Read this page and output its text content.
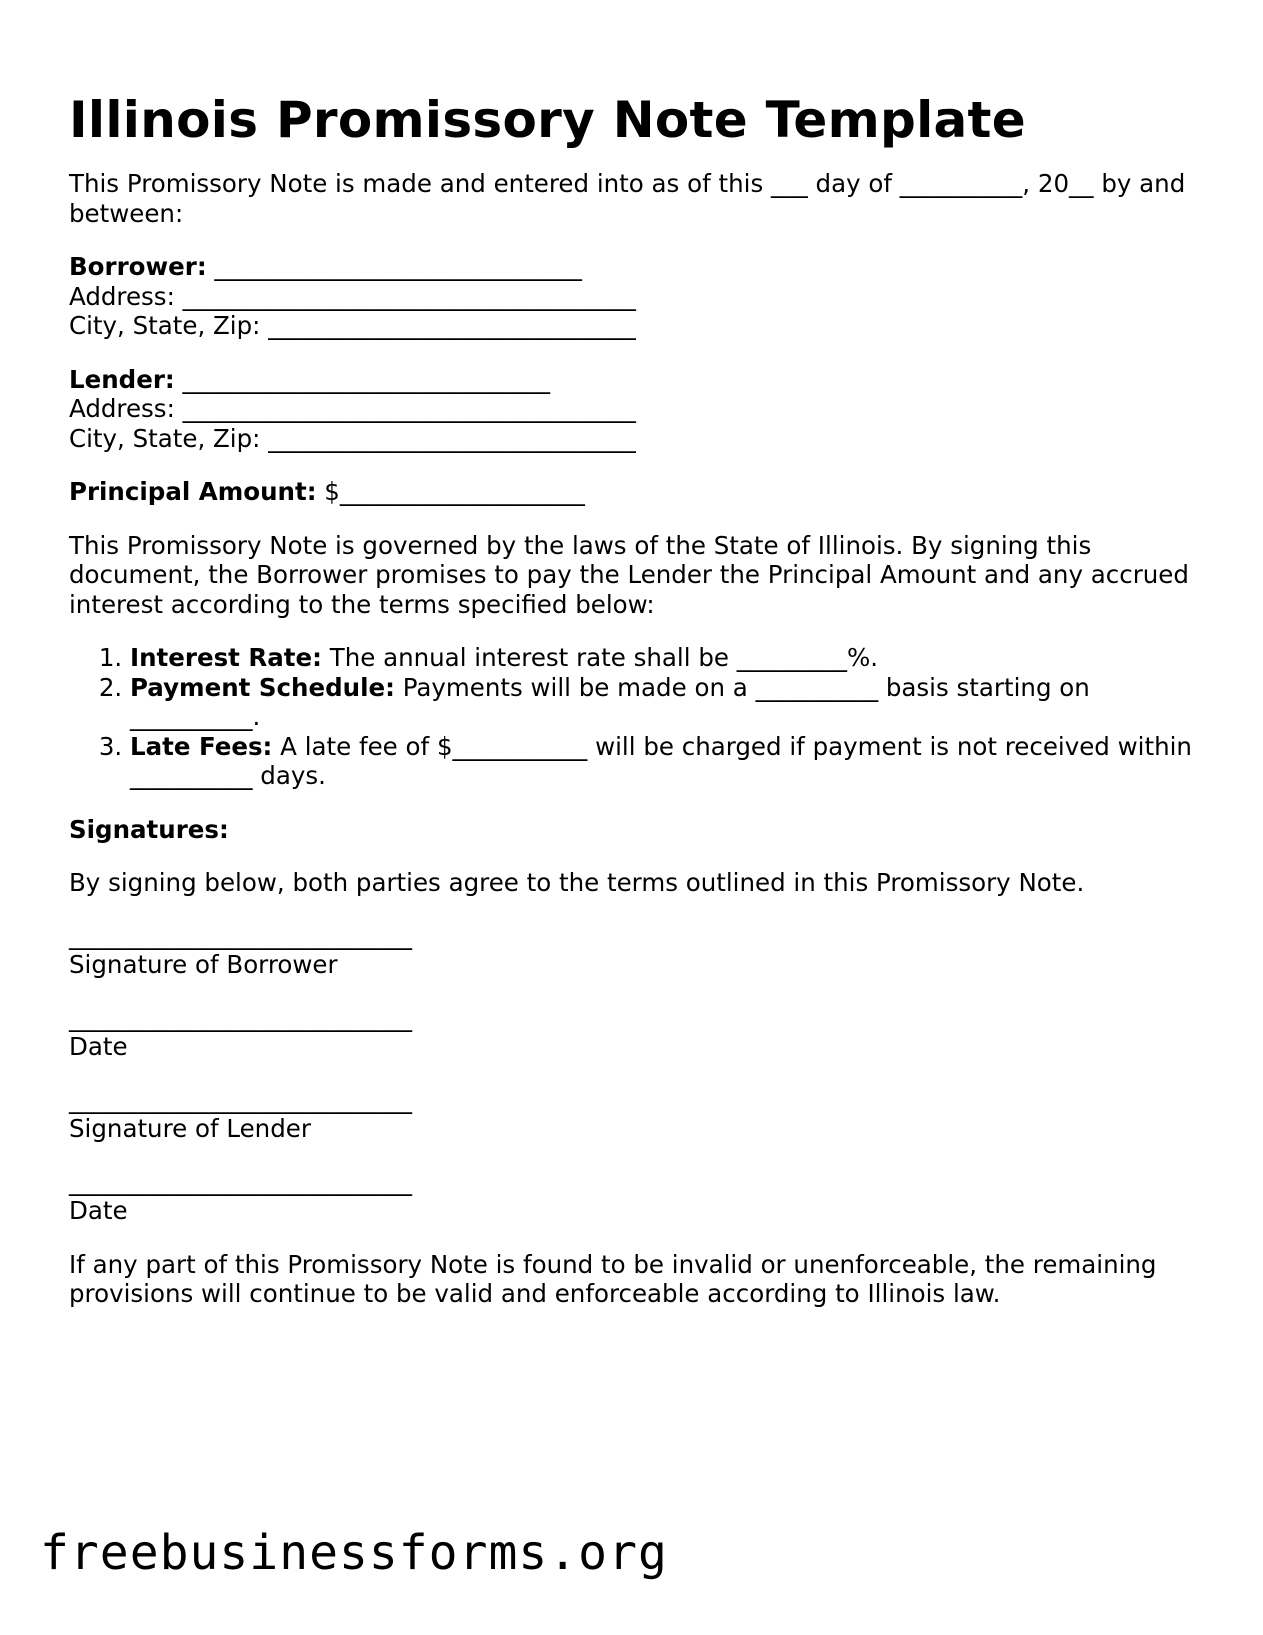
Illinois Promissory Note Template

This Promissory Note is made and entered into as of this ___ day of __________, 20__ by and between:

Borrower: ______________________________
Address: _____________________________________
City, State, Zip: ______________________________
Lender: ______________________________
Address: _____________________________________
City, State, Zip: ______________________________

Principal Amount: $____________________

This Promissory Note is governed by the laws of the State of Illinois. By signing this document, the Borrower promises to pay the Lender the Principal Amount and any accrued interest according to the terms specified below:

1. Interest Rate: The annual interest rate shall be _________%.
2. Payment Schedule: Payments will be made on a __________ basis starting on __________.
3. Late Fees: A late fee of $___________ will be charged if payment is not received within __________ days.

Signatures:

By signing below, both parties agree to the terms outlined in this Promissory Note.

____________________________
Signature of Borrower
____________________________
Date
____________________________
Signature of Lender
____________________________
Date

If any part of this Promissory Note is found to be invalid or unenforceable, the remaining provisions will continue to be valid and enforceable according to Illinois law.

freebusinessforms.org
